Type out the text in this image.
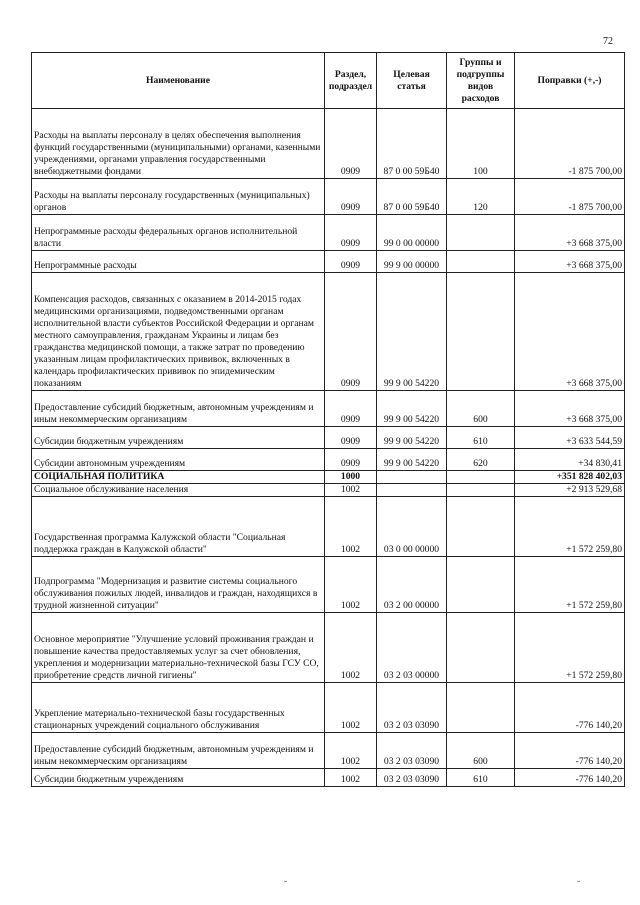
72
Наименование	Раздел, подраздел	Целевая статья	Группы и подгруппы видов расходов	Поправки (+,-)
Расходы на выплаты персоналу в целях обеспечения выполнения функций государственными (муниципальными) органами, казенными учреждениями, органами управления государственными внебюджетными фондами	0909	87 0 00 59Б40	100	-1 875 700,00
Расходы на выплаты персоналу государственных (муниципальных) органов	0909	87 0 00 59Б40	120	-1 875 700,00
Непрограммные расходы федеральных органов исполнительной власти	0909	99 0 00 00000		+3 668 375,00
Непрограммные расходы	0909	99 9 00 00000		+3 668 375,00
Компенсация расходов, связанных с оказанием в 2014-2015 годах медицинскими организациями, подведомственными органам исполнительной власти субъектов Российской Федерации и органам местного самоуправления, гражданам Украины и лицам без гражданства медицинской помощи, а также затрат по проведению указанным лицам профилактических прививок, включенных в календарь профилактических прививок по эпидемическим показаниям	0909	99 9 00 54220		+3 668 375,00
Предоставление субсидий бюджетным, автономным учреждениям и иным некоммерческим организациям	0909	99 9 00 54220	600	+3 668 375,00
Субсидии бюджетным учреждениям	0909	99 9 00 54220	610	+3 633 544,59
Субсидии автономным учреждениям	0909	99 9 00 54220	620	+34 830,41
СОЦИАЛЬНАЯ ПОЛИТИКА	1000			+351 828 402,03
Социальное обслуживание населения	1002			+2 913 529,68
Государственная программа Калужской области "Социальная поддержка граждан в Калужской области"	1002	03 0 00 00000		+1 572 259,80
Подпрограмма "Модернизация и развитие системы социального обслуживания пожилых людей, инвалидов и граждан, находящихся в трудной жизненной ситуации"	1002	03 2 00 00000		+1 572 259,80
Основное мероприятие "Улучшение условий проживания граждан и повышение качества предоставляемых услуг за счет обновления, укрепления и модернизации материально-технической базы ГСУ СО, приобретение средств личной гигиены"	1002	03 2 03 00000		+1 572 259,80
Укрепление материально-технической базы государственных стационарных учреждений социального обслуживания	1002	03 2 03 03090		-776 140,20
Предоставление субсидий бюджетным, автономным учреждениям и иным некоммерческим организациям	1002	03 2 03 03090	600	-776 140,20
Субсидии бюджетным учреждениям	1002	03 2 03 03090	610	-776 140,20
˘	˘
